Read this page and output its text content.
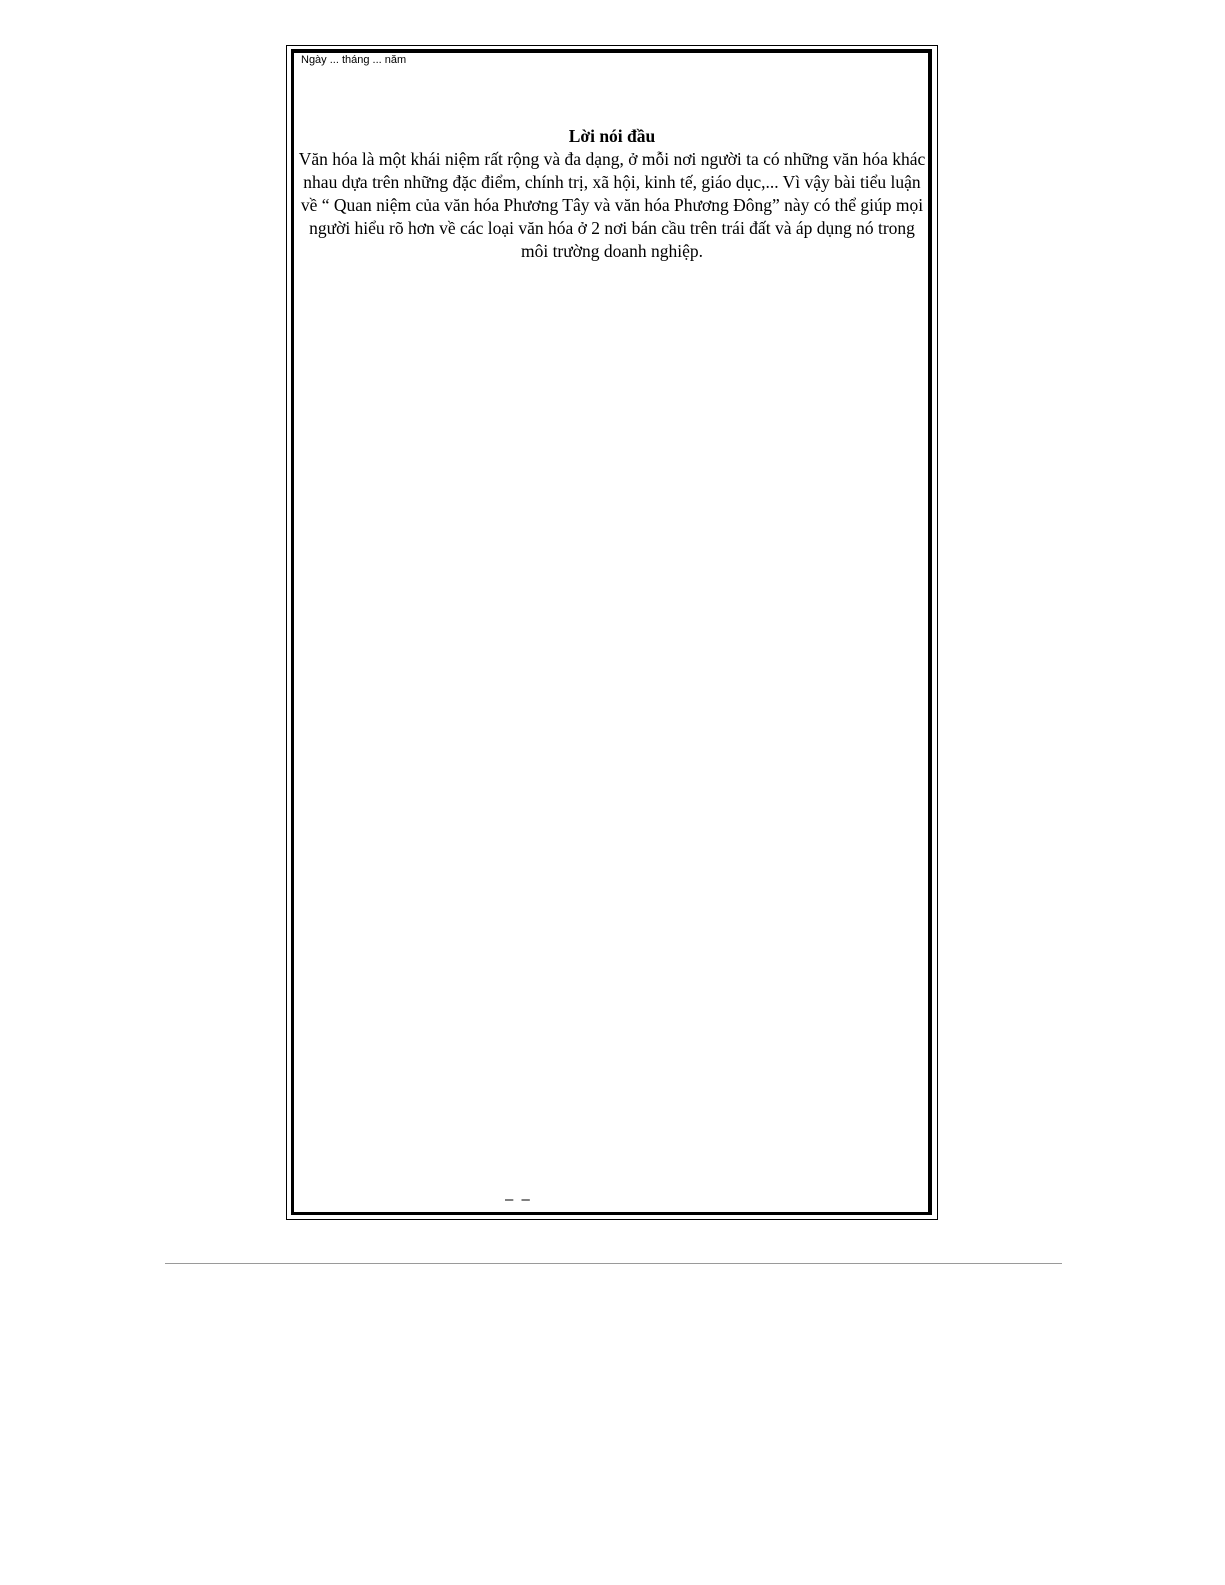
Ngày ... tháng ... năm

Lời nói đầu

Văn hóa là một khái niệm rất rộng và đa dạng, ở mỗi nơi người ta có những văn hóa khác nhau dựa trên những đặc điểm, chính trị, xã hội, kinh tế, giáo dục,... Vì vậy bài tiểu luận về “ Quan niệm của văn hóa Phương Tây và văn hóa Phương Đông” này có thể giúp mọi người hiểu rõ hơn về các loại văn hóa ở 2 nơi bán cầu trên trái đất và áp dụng nó trong môi trường doanh nghiệp.

– –
